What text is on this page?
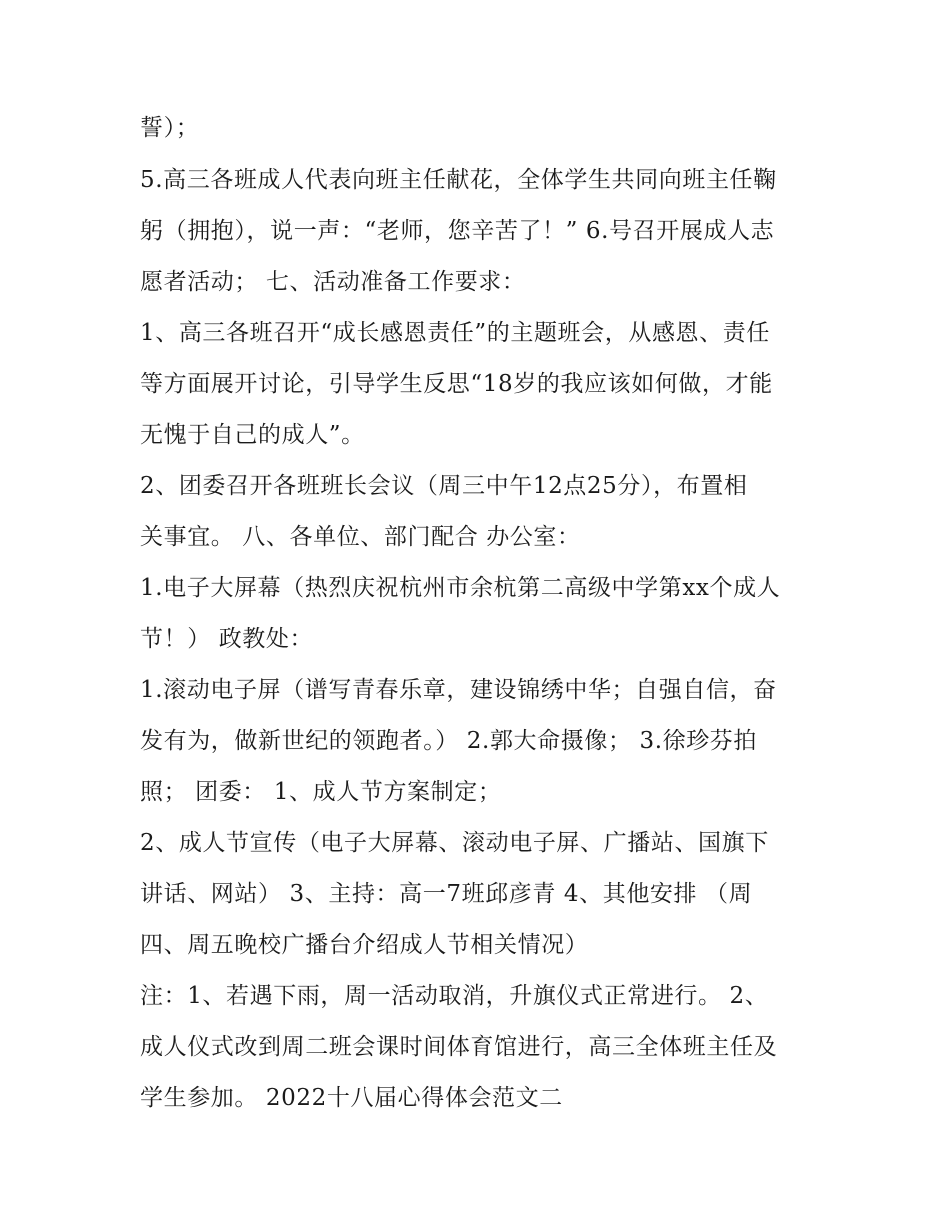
誓）；
5.高三各班成人代表向班主任献花，全体学生共同向班主任鞠
躬（拥抱），说一声：“老师，您辛苦了！” 6.号召开展成人志
愿者活动； 七、活动准备工作要求：
1、高三各班召开“成长感恩责任”的主题班会，从感恩、责任
等方面展开讨论，引导学生反思“18岁的我应该如何做，才能
无愧于自己的成人”。
2、团委召开各班班长会议（周三中午12点25分），布置相
关事宜。 八、各单位、部门配合 办公室：
1.电子大屏幕（热烈庆祝杭州市余杭第二高级中学第xx个成人
节！） 政教处：
1.滚动电子屏（谱写青春乐章，建设锦绣中华；自强自信，奋
发有为，做新世纪的领跑者。） 2.郭大命摄像； 3.徐珍芬拍
照； 团委： 1、成人节方案制定；
2、成人节宣传（电子大屏幕、滚动电子屏、广播站、国旗下
讲话、网站） 3、主持：高一7班邱彦青 4、其他安排 （周
四、周五晚校广播台介绍成人节相关情况）
注：1、若遇下雨，周一活动取消，升旗仪式正常进行。 2、
成人仪式改到周二班会课时间体育馆进行，高三全体班主任及
学生参加。 2022十八届心得体会范文二
